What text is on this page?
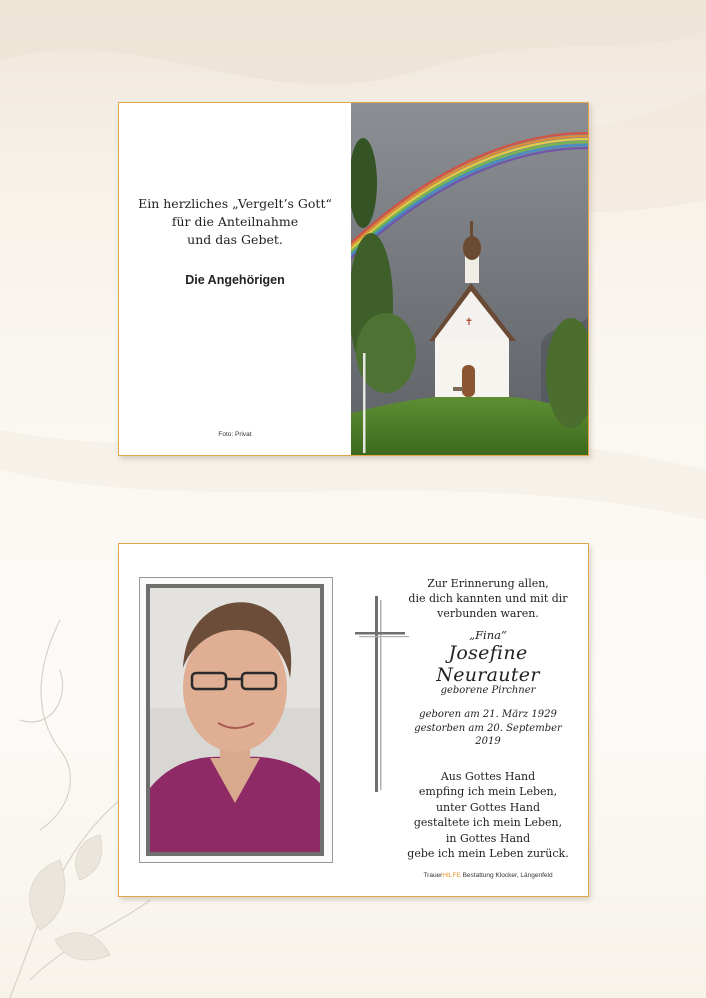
Ein herzliches „Vergelt’s Gott“
für die Anteilnahme
und das Gebet.
Die Angehörigen
Foto: Privat
✝
Zur Erinnerung allen,
die dich kannten und mit dir
verbunden waren.
„Fina“
Josefine Neurauter
geborene Pirchner
geboren am 21. März 1929
gestorben am 20. September 2019
Aus Gottes Hand
empfing ich mein Leben,
unter Gottes Hand
gestaltete ich mein Leben,
in Gottes Hand
gebe ich mein Leben zurück.
TrauerHILFE Bestattung Klocker, Längenfeld
